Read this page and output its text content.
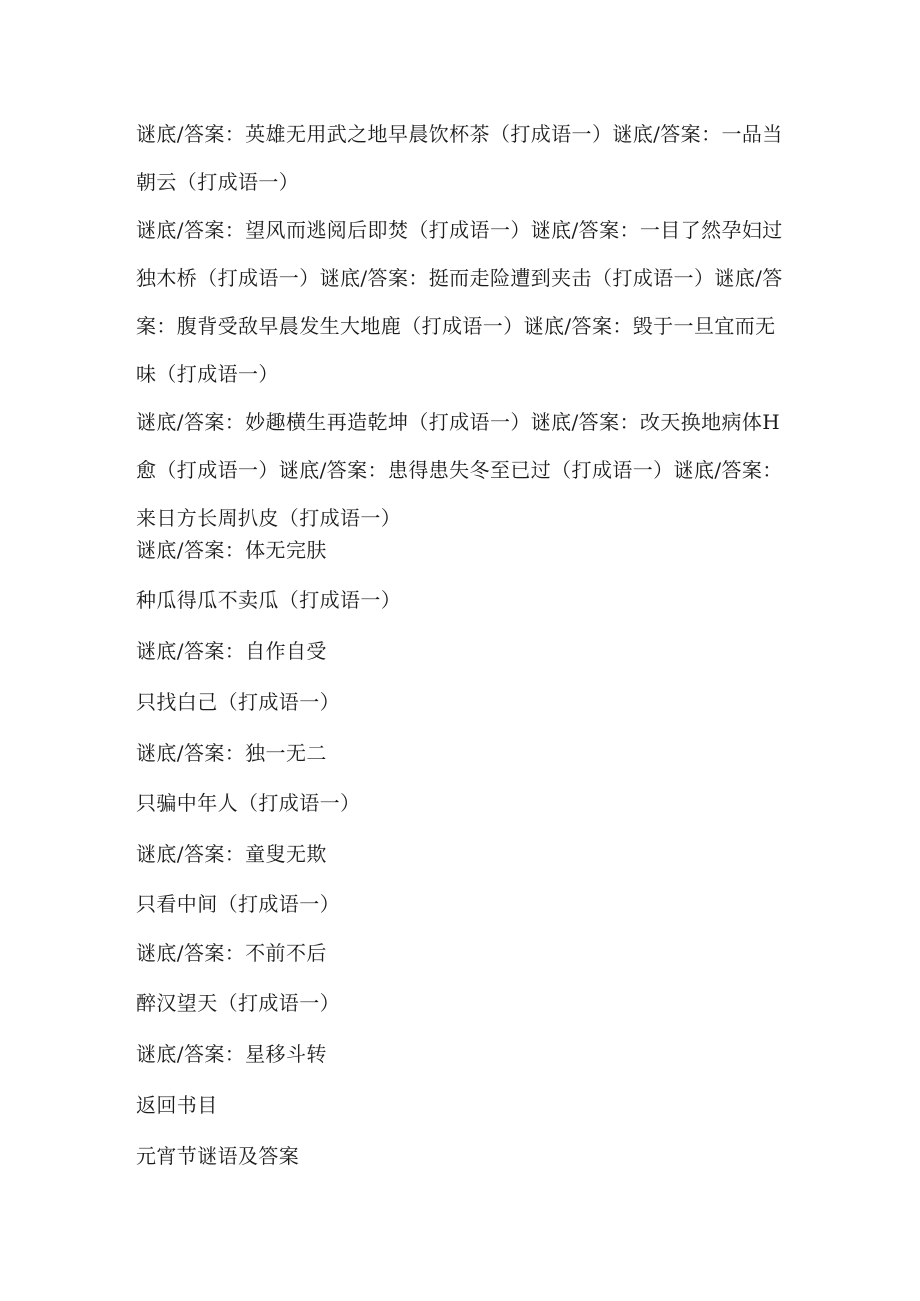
谜底/答案：英雄无用武之地早晨饮杯茶（打成语一）谜底/答案：一品当朝云（打成语一）

谜底/答案：望风而逃阅后即焚（打成语一）谜底/答案：一目了然孕妇过独木桥（打成语一）谜底/答案：挺而走险遭到夹击（打成语一）谜底/答案：腹背受敌早晨发生大地鹿（打成语一）谜底/答案：毁于一旦宜而无味（打成语一）

谜底/答案：妙趣横生再造乾坤（打成语一）谜底/答案：改天换地病体H愈（打成语一）谜底/答案：患得患失冬至已过（打成语一）谜底/答案：来日方长周扒皮（打成语一）

谜底/答案：体无完肤

种瓜得瓜不卖瓜（打成语一）

谜底/答案：自作自受

只找白己（打成语一）

谜底/答案：独一无二

只骗中年人（打成语一）

谜底/答案：童叟无欺

只看中间（打成语一）

谜底/答案：不前不后

醉汉望天（打成语一）

谜底/答案：星移斗转

返回书目

元宵节谜语及答案
